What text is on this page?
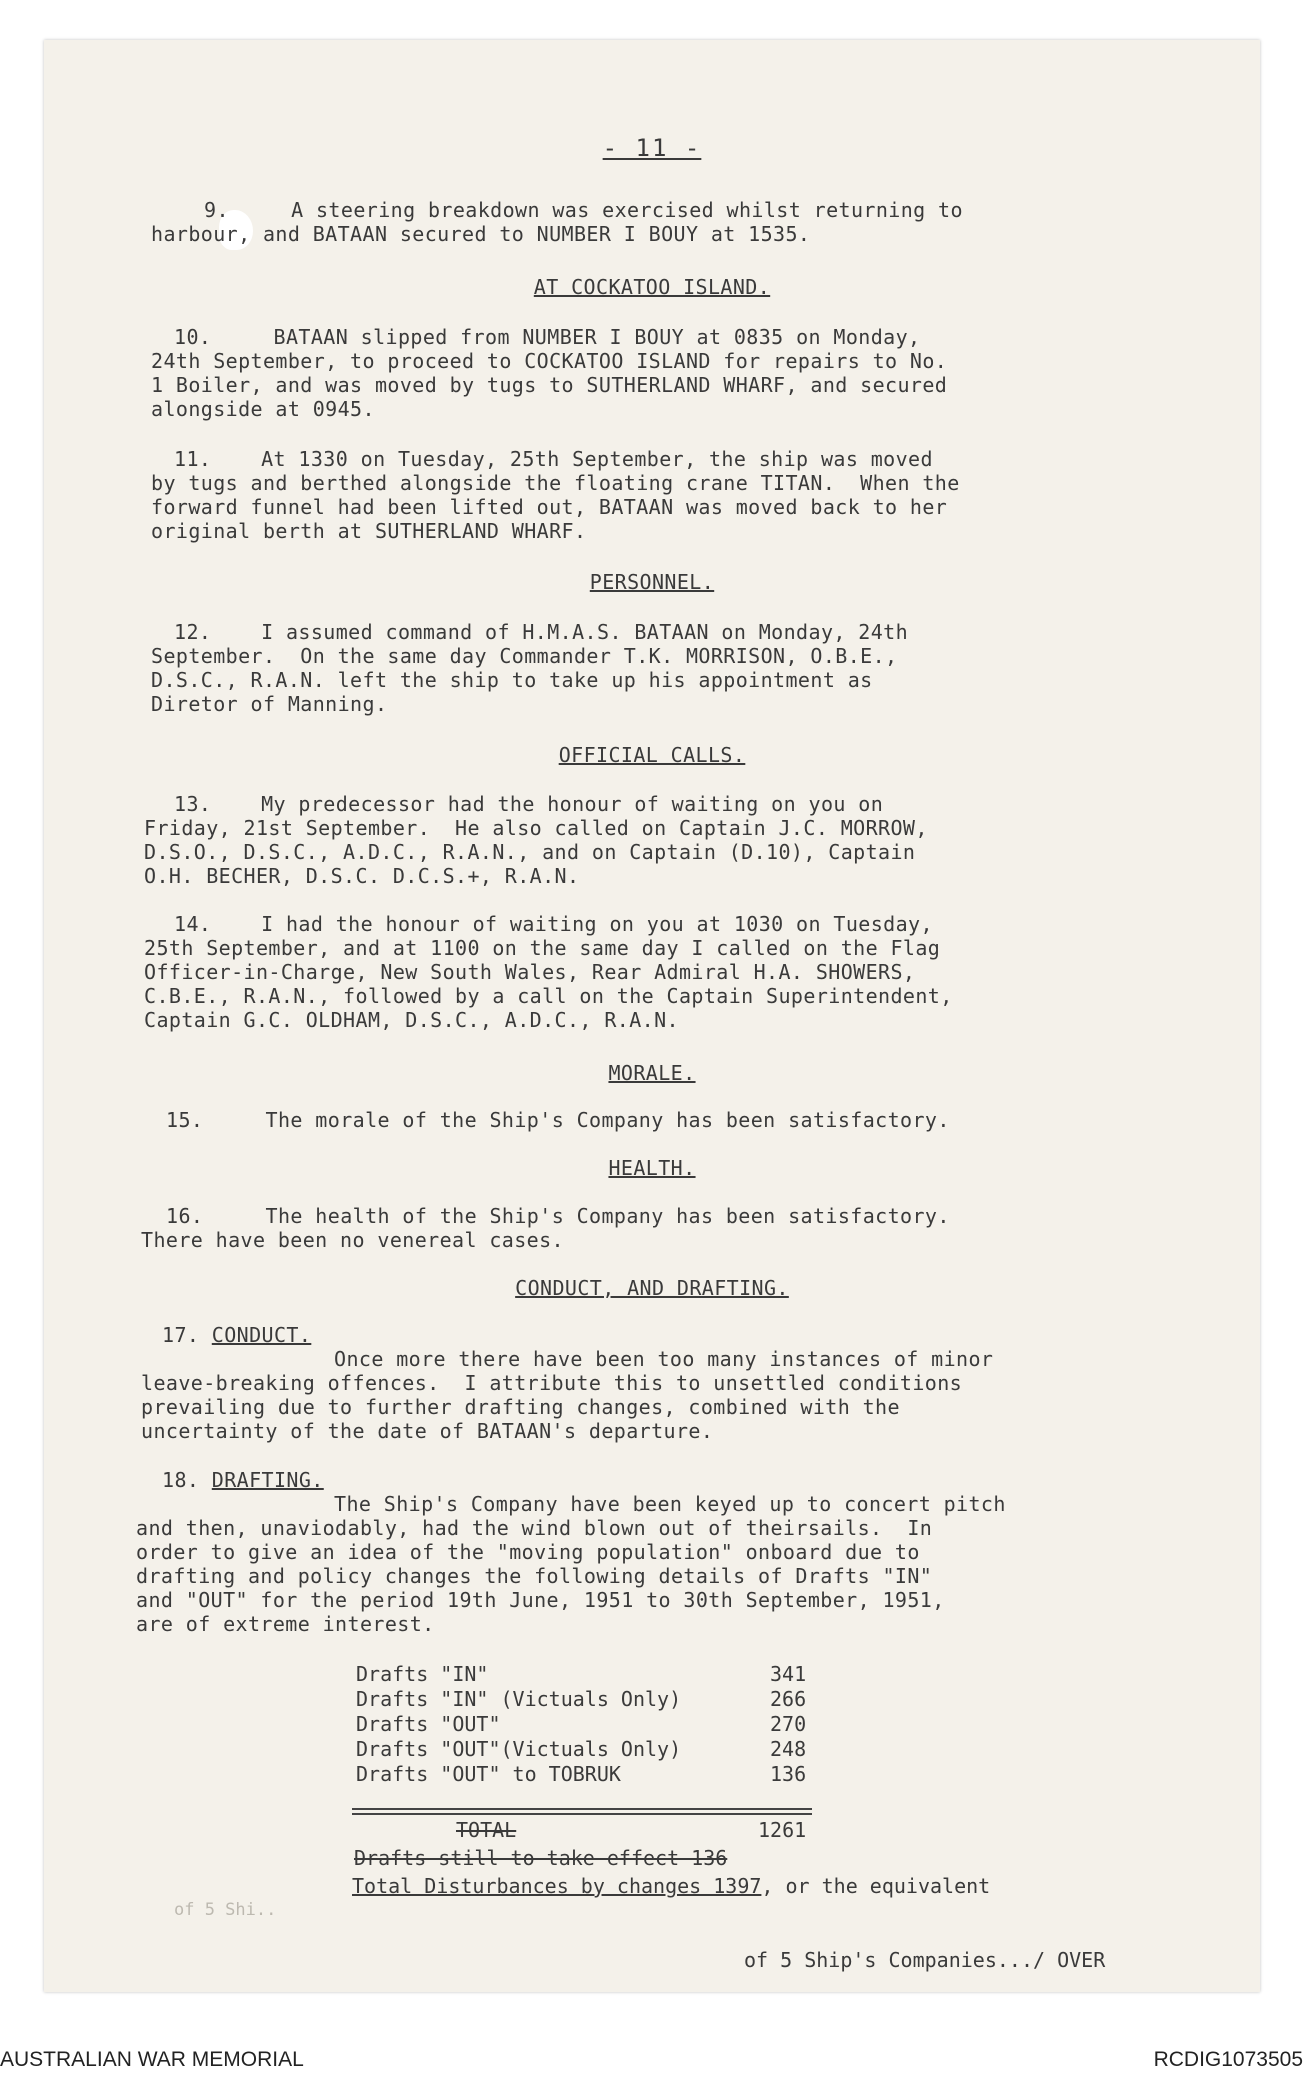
- 11 -
9.	A steering breakdown was exercised whilst returning to

harbour, and BATAAN secured to NUMBER I BOUY at 1535.
AT COCKATOO ISLAND.
10.	BATAAN slipped from NUMBER I BOUY at 0835 on Monday,
24th September, to proceed to COCKATOO ISLAND for repairs to No.
1 Boiler, and was moved by tugs to SUTHERLAND WHARF, and secured
alongside at 0945.
11. At 1330 on Tuesday, 25th September, the ship was moved
by tugs and berthed alongside the floating crane TITAN.  When the
forward funnel had been lifted out, BATAAN was moved back to her
original berth at SUTHERLAND WHARF.
PERSONNEL.
12. I assumed command of H.M.A.S. BATAAN on Monday, 24th
September.  On the same day Commander T.K. MORRISON, O.B.E.,
D.S.C., R.A.N. left the ship to take up his appointment as
Diretor of Manning.
OFFICIAL CALLS.
13. My predecessor had the honour of waiting on you on
Friday, 21st September.  He also called on Captain J.C. MORROW,
D.S.O., D.S.C., A.D.C., R.A.N., and on Captain (D.10), Captain
O.H. BECHER, D.S.C. D.C.S.+, R.A.N.
14. I had the honour of waiting on you at 1030 on Tuesday,
25th September, and at 1100 on the same day I called on the Flag
Officer-in-Charge, New South Wales, Rear Admiral H.A. SHOWERS,
C.B.E., R.A.N., followed by a call on the Captain Superintendent,
Captain G.C. OLDHAM, D.S.C., A.D.C., R.A.N.
MORALE.
15.	The morale of the Ship's Company has been satisfactory.
HEALTH.
16.	The health of the Ship's Company has been satisfactory.
There have been no venereal cases.
CONDUCT, AND DRAFTING.
17. CONDUCT.
Once more there have been too many instances of minor
leave-breaking offences.  I attribute this to unsettled conditions
prevailing due to further drafting changes, combined with the
uncertainty of the date of BATAAN's departure.
18. DRAFTING.
The Ship's Company have been keyed up to concert pitch
and then, unaviodably, had the wind blown out of theirsails.  In
order to give an idea of the "moving population" onboard due to
drafting and policy changes the following details of Drafts "IN"
and "OUT" for the period 19th June, 1951 to 30th September, 1951,
are of extreme interest.
Drafts "IN"	341
Drafts "IN" (Victuals Only)	266
Drafts "OUT"	270
Drafts "OUT"(Victuals Only)	248
Drafts "OUT" to TOBRUK	136
TOTAL	1261
Drafts still to take effect 136
Total Disturbances by changes 1397, or the equivalent
of 5 Shi..
of 5 Ship's Companies.../ OVER
AUSTRALIAN WAR MEMORIAL	RCDIG1073505
